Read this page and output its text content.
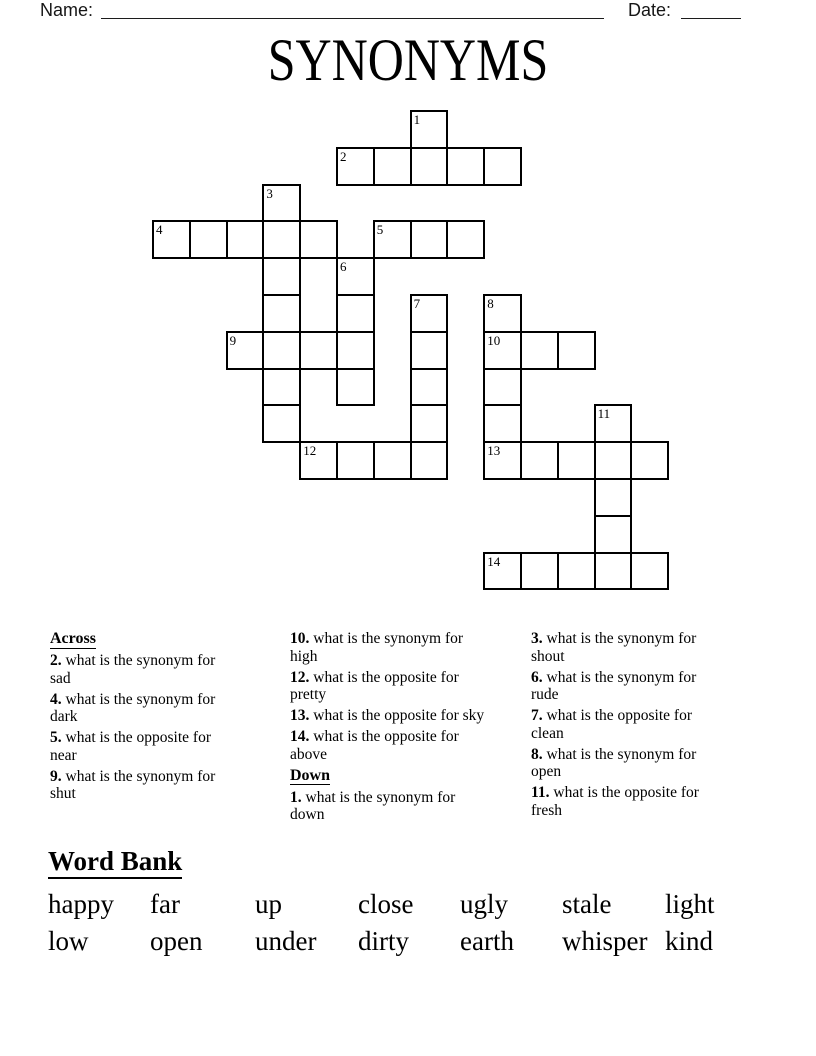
Name:	Date:
SYNONYMS
1
2
3
4	5
6
7	8
9	10
11
12	13
14
Across
2. what is the synonym for sad
4. what is the synonym for dark
5. what is the opposite for near
9. what is the synonym for shut
10. what is the synonym for high
12. what is the opposite for pretty
13. what is the opposite for sky
14. what is the opposite for above
Down
1. what is the synonym for down
3. what is the synonym for shout
6. what is the synonym for rude
7. what is the opposite for clean
8. what is the synonym for open
11. what is the opposite for fresh
Word Bank
happy far	up	close ugly stale light
low open under dirty earth whisper kind
